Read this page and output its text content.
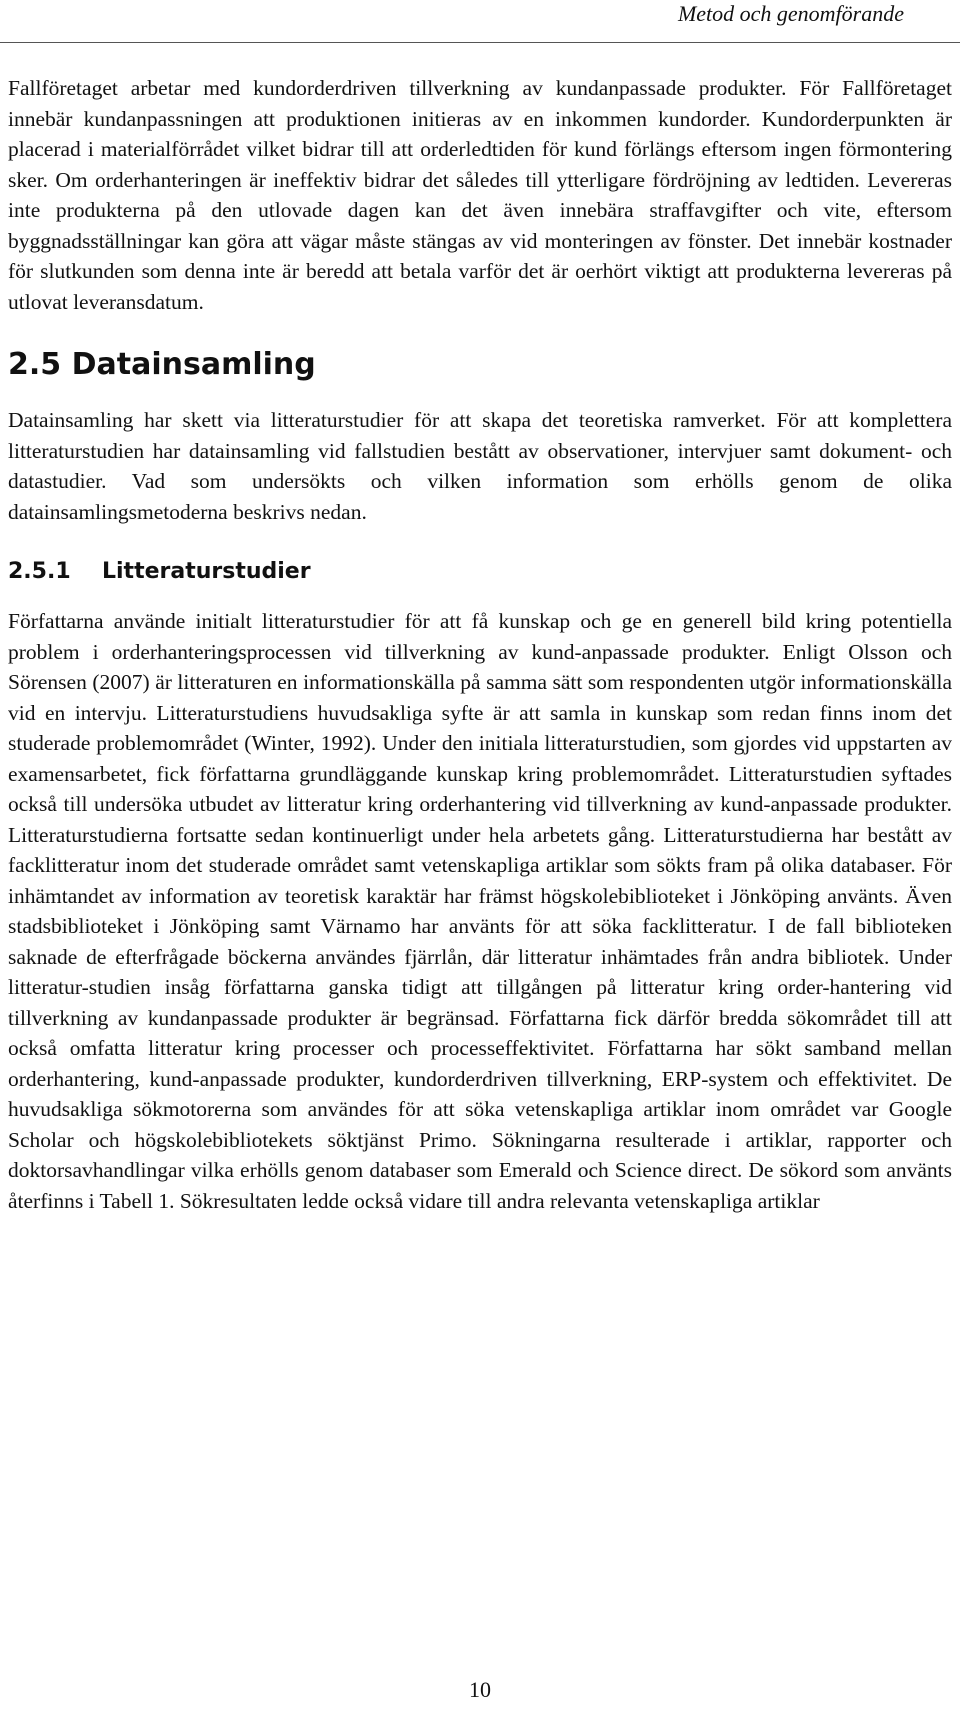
Metod och genomförande

Fallföretaget arbetar med kundorderdriven tillverkning av kundanpassade produkter. För Fallföretaget innebär kundanpassningen att produktionen initieras av en inkommen kundorder. Kundorderpunkten är placerad i materialförrådet vilket bidrar till att orderledtiden för kund förlängs eftersom ingen förmontering sker. Om orderhanteringen är ineffektiv bidrar det således till ytterligare fördröjning av ledtiden. Levereras inte produkterna på den utlovade dagen kan det även innebära straffavgifter och vite, eftersom byggnadsställningar kan göra att vägar måste stängas av vid monteringen av fönster. Det innebär kostnader för slutkunden som denna inte är beredd att betala varför det är oerhört viktigt att produkterna levereras på utlovat leveransdatum.

2.5 Datainsamling

Datainsamling har skett via litteraturstudier för att skapa det teoretiska ramverket. För att komplettera litteraturstudien har datainsamling vid fallstudien bestått av observationer, intervjuer samt dokument- och datastudier. Vad som undersökts och vilken information som erhölls genom de olika datainsamlingsmetoderna beskrivs nedan.

2.5.1 Litteraturstudier

Författarna använde initialt litteraturstudier för att få kunskap och ge en generell bild kring potentiella problem i orderhanteringsprocessen vid tillverkning av kund-anpassade produkter. Enligt Olsson och Sörensen (2007) är litteraturen en informationskälla på samma sätt som respondenten utgör informationskälla vid en intervju. Litteraturstudiens huvudsakliga syfte är att samla in kunskap som redan finns inom det studerade problemområdet (Winter, 1992). Under den initiala litteraturstudien, som gjordes vid uppstarten av examensarbetet, fick författarna grundläggande kunskap kring problemområdet. Litteraturstudien syftades också till undersöka utbudet av litteratur kring orderhantering vid tillverkning av kund-anpassade produkter. Litteraturstudierna fortsatte sedan kontinuerligt under hela arbetets gång. Litteraturstudierna har bestått av facklitteratur inom det studerade området samt vetenskapliga artiklar som sökts fram på olika databaser. För inhämtandet av information av teoretisk karaktär har främst högskolebiblioteket i Jönköping använts. Även stadsbiblioteket i Jönköping samt Värnamo har använts för att söka facklitteratur. I de fall biblioteken saknade de efterfrågade böckerna användes fjärrlån, där litteratur inhämtades från andra bibliotek. Under litteratur-studien insåg författarna ganska tidigt att tillgången på litteratur kring order-hantering vid tillverkning av kundanpassade produkter är begränsad. Författarna fick därför bredda sökområdet till att också omfatta litteratur kring processer och processeffektivitet. Författarna har sökt samband mellan orderhantering, kund-anpassade produkter, kundorderdriven tillverkning, ERP-system och effektivitet. De huvudsakliga sökmotorerna som användes för att söka vetenskapliga artiklar inom området var Google Scholar och högskolebibliotekets söktjänst Primo. Sökningarna resulterade i artiklar, rapporter och doktorsavhandlingar vilka erhölls genom databaser som Emerald och Science direct. De sökord som använts återfinns i Tabell 1. Sökresultaten ledde också vidare till andra relevanta vetenskapliga artiklar

10
